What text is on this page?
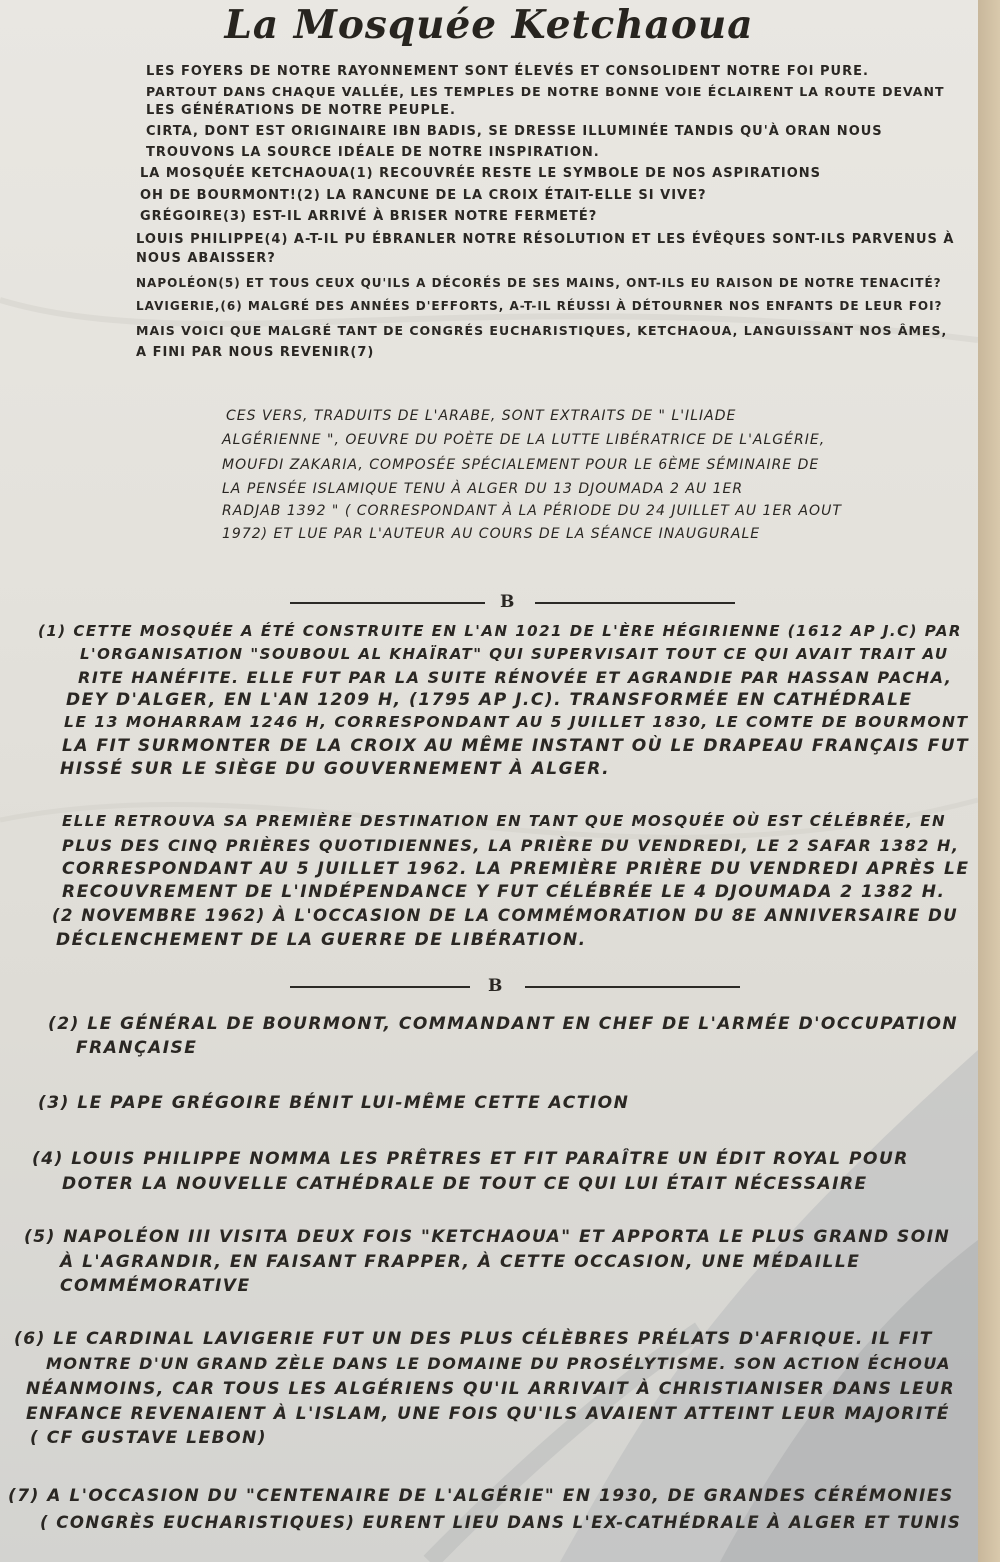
La Mosquée Ketchaoua
LES FOYERS DE NOTRE RAYONNEMENT SONT ÉLEVÉS ET CONSOLIDENT NOTRE FOI PURE.
PARTOUT DANS CHAQUE VALLÉE, LES TEMPLES DE NOTRE BONNE VOIE ÉCLAIRENT LA ROUTE DEVANT
LES GÉNÉRATIONS DE NOTRE PEUPLE.
CIRTA, DONT EST ORIGINAIRE IBN BADIS, SE DRESSE ILLUMINÉE TANDIS QU'À ORAN NOUS
TROUVONS LA SOURCE IDÉALE DE NOTRE INSPIRATION.
LA MOSQUÉE KETCHAOUA(1) RECOUVRÉE RESTE LE SYMBOLE DE NOS ASPIRATIONS
OH DE BOURMONT!(2) LA RANCUNE DE LA CROIX ÉTAIT-ELLE SI VIVE?
GRÉGOIRE(3) EST-IL ARRIVÉ À BRISER NOTRE FERMETÉ?
LOUIS PHILIPPE(4) A-T-IL PU ÉBRANLER NOTRE RÉSOLUTION ET LES ÉVÊQUES SONT-ILS PARVENUS À
NOUS ABAISSER?
NAPOLÉON(5) ET TOUS CEUX QU'ILS A DÉCORÉS DE SES MAINS, ONT-ILS EU RAISON DE NOTRE TENACITÉ?
LAVIGERIE,(6) MALGRÉ DES ANNÉES D'EFFORTS, A-T-IL RÉUSSI À DÉTOURNER NOS ENFANTS DE LEUR FOI?
MAIS VOICI QUE MALGRÉ TANT DE CONGRÉS EUCHARISTIQUES, KETCHAOUA, LANGUISSANT NOS ÂMES,
A FINI PAR NOUS REVENIR(7)
CES VERS, TRADUITS DE L'ARABE, SONT EXTRAITS DE " L'ILIADE
ALGÉRIENNE ", OEUVRE DU POÈTE DE LA LUTTE LIBÉRATRICE DE L'ALGÉRIE,
MOUFDI ZAKARIA, COMPOSÉE SPÉCIALEMENT POUR LE 6ÈME SÉMINAIRE DE
LA PENSÉE ISLAMIQUE TENU À ALGER DU 13 DJOUMADA 2 AU 1ER
RADJAB 1392 " ( CORRESPONDANT À LA PÉRIODE DU 24 JUILLET AU 1ER AOUT
1972) ET LUE PAR L'AUTEUR AU COURS DE LA SÉANCE INAUGURALE
B
(1) CETTE MOSQUÉE A ÉTÉ CONSTRUITE EN L'AN 1021 DE L'ÈRE HÉGIRIENNE (1612 AP J.C) PAR
L'ORGANISATION "SOUBOUL AL KHAÏRAT" QUI SUPERVISAIT TOUT CE QUI AVAIT TRAIT AU
RITE HANÉFITE. ELLE FUT PAR LA SUITE RÉNOVÉE ET AGRANDIE PAR HASSAN PACHA,
DEY D'ALGER, EN L'AN 1209 H, (1795 AP J.C). TRANSFORMÉE EN CATHÉDRALE
LE 13 MOHARRAM 1246 H, CORRESPONDANT AU 5 JUILLET 1830, LE COMTE DE BOURMONT
LA FIT SURMONTER DE LA CROIX AU MÊME INSTANT OÙ LE DRAPEAU FRANÇAIS FUT
HISSÉ SUR LE SIÈGE DU GOUVERNEMENT À ALGER.
ELLE RETROUVA SA PREMIÈRE DESTINATION EN TANT QUE MOSQUÉE OÙ EST CÉLÉBRÉE, EN
PLUS DES CINQ PRIÈRES QUOTIDIENNES, LA PRIÈRE DU VENDREDI, LE 2 SAFAR 1382 H,
CORRESPONDANT AU 5 JUILLET 1962. LA PREMIÈRE PRIÈRE DU VENDREDI APRÈS LE
RECOUVREMENT DE L'INDÉPENDANCE Y FUT CÉLÉBRÉE LE 4 DJOUMADA 2 1382 H.
(2 NOVEMBRE 1962) À L'OCCASION DE LA COMMÉMORATION DU 8E ANNIVERSAIRE DU
DÉCLENCHEMENT DE LA GUERRE DE LIBÉRATION.
B
(2) LE GÉNÉRAL DE BOURMONT, COMMANDANT EN CHEF DE L'ARMÉE D'OCCUPATION
FRANÇAISE
(3) LE PAPE GRÉGOIRE BÉNIT LUI-MÊME CETTE ACTION
(4) LOUIS PHILIPPE NOMMA LES PRÊTRES ET FIT PARAÎTRE UN ÉDIT ROYAL POUR
DOTER LA NOUVELLE CATHÉDRALE DE TOUT CE QUI LUI ÉTAIT NÉCESSAIRE
(5) NAPOLÉON III VISITA DEUX FOIS "KETCHAOUA" ET APPORTA LE PLUS GRAND SOIN
À L'AGRANDIR, EN FAISANT FRAPPER, À CETTE OCCASION, UNE MÉDAILLE
COMMÉMORATIVE
(6) LE CARDINAL LAVIGERIE FUT UN DES PLUS CÉLÈBRES PRÉLATS D'AFRIQUE. IL FIT
MONTRE D'UN GRAND ZÈLE DANS LE DOMAINE DU PROSÉLYTISME. SON ACTION ÉCHOUA
NÉANMOINS, CAR TOUS LES ALGÉRIENS QU'IL ARRIVAIT À CHRISTIANISER DANS LEUR
ENFANCE REVENAIENT À L'ISLAM, UNE FOIS QU'ILS AVAIENT ATTEINT LEUR MAJORITÉ
( CF GUSTAVE LEBON)
(7) A L'OCCASION DU "CENTENAIRE DE L'ALGÉRIE" EN 1930, DE GRANDES CÉRÉMONIES
( CONGRÈS EUCHARISTIQUES) EURENT LIEU DANS L'EX-CATHÉDRALE À ALGER ET TUNIS
